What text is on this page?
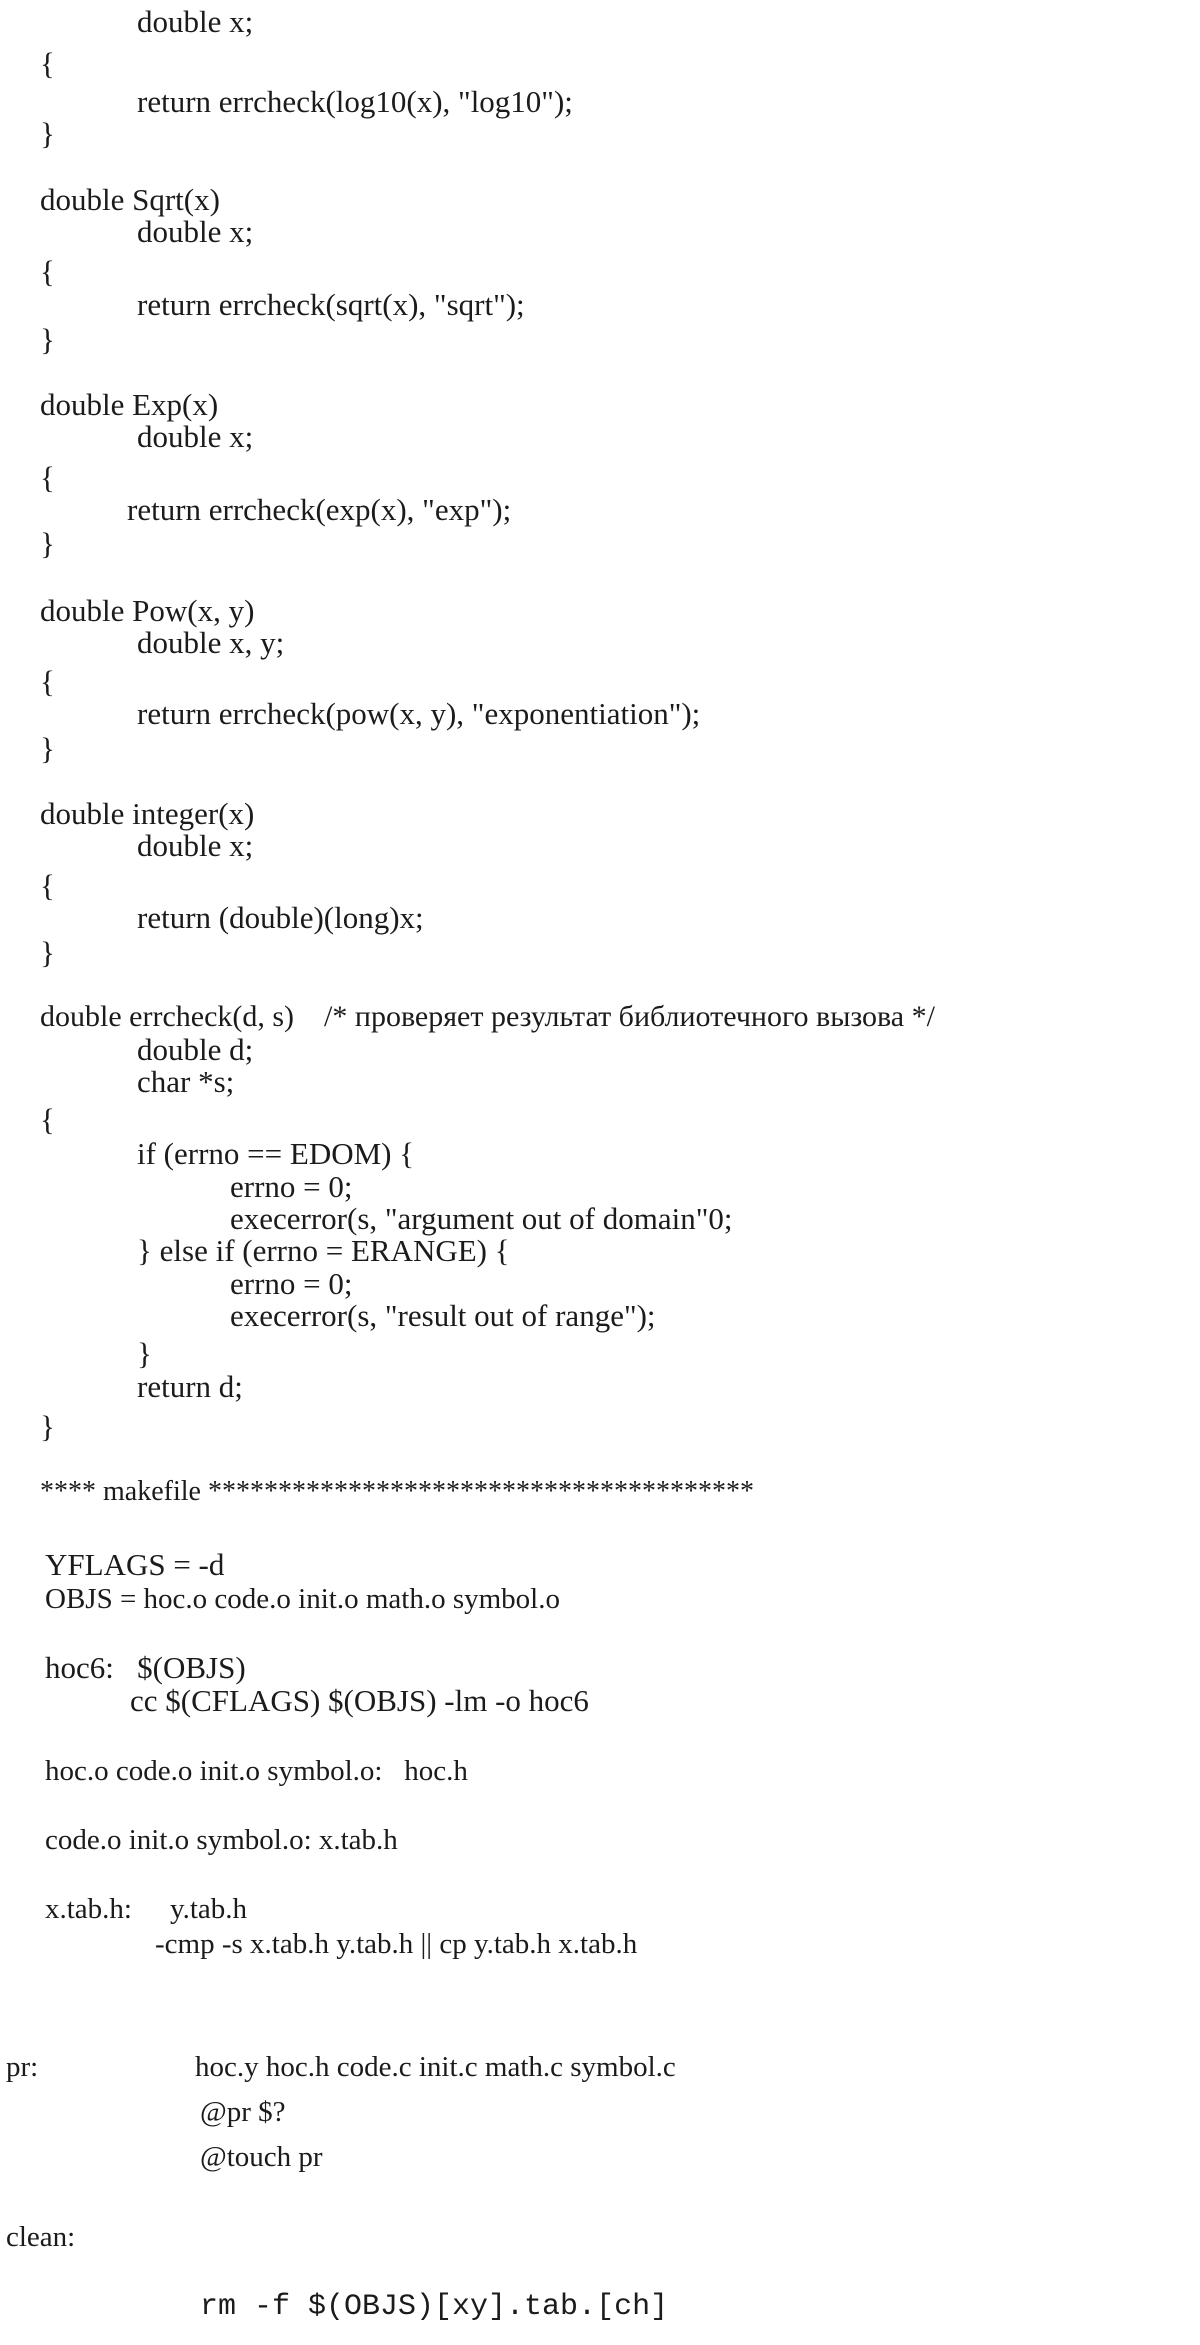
double x;
{
return errcheck(log10(x), "log10");
}
double Sqrt(x)
double x;
{
return errcheck(sqrt(x), "sqrt");
}
double Exp(x)
double x;
{
return errcheck(exp(x), "exp");
}
double Pow(x, y)
double x, y;
{
return errcheck(pow(x, y), "exponentiation");
}
double integer(x)
double x;
{
return (double)(long)x;
}
double errcheck(d, s)    /* проверяет результат библиотечного вызова */
double d;
char *s;
{
if (errno == EDOM) {
errno = 0;
execerror(s, "argument out of domain"0;
} else if (errno = ERANGE) {
errno = 0;
execerror(s, "result out of range");
}
return d;
}
**** makefile ***************************************
YFLAGS = -d
OBJS = hoc.o code.o init.o math.o symbol.o
hoc6:   $(OBJS)
cc $(CFLAGS) $(OBJS) -lm -o hoc6
hoc.o code.o init.o symbol.o:   hoc.h
code.o init.o symbol.o: x.tab.h
x.tab.h: y.tab.h
-cmp -s x.tab.h y.tab.h || cp y.tab.h x.tab.h
pr:	hoc.y hoc.h code.c init.c math.c symbol.c
@pr $?
@touch pr
clean:
rm -f $(OBJS)[xy].tab.[ch]
